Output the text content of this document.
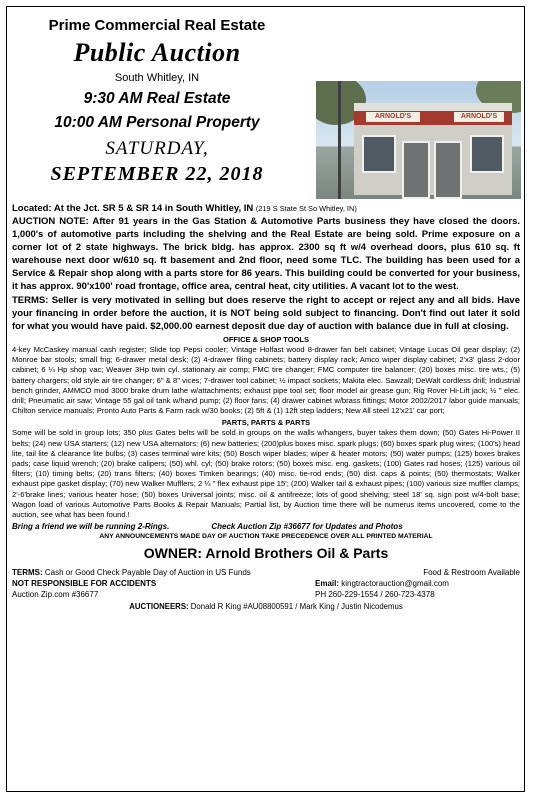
Prime Commercial Real Estate
Public Auction
South Whitley, IN
9:30 AM Real Estate
10:00 AM Personal Property
SATURDAY,
SEPTEMBER 22, 2018
ARNOLD'S	ARNOLD'S

Located: At the Jct. SR 5 & SR 14 in South Whitley, IN (219 S State St So Whitley, IN)

AUCTION NOTE: After 91 years in the Gas Station & Automotive Parts business they have closed the doors. 1,000's of automotive parts including the shelving and the Real Estate are being sold. Prime exposure on a corner lot of 2 state highways. The brick bldg. has approx. 2300 sq ft w/4 overhead doors, plus 610 sq. ft warehouse next door w/610 sq. ft basement and 2nd floor, need some TLC. The building has been used for a Service & Repair shop along with a parts store for 86 years. This building could be converted for your business, it has approx. 90'x100' road frontage, office area, central heat, city utilities. A vacant lot to the west.

TERMS: Seller is very motivated in selling but does reserve the right to accept or reject any and all bids. Have your financing in order before the auction, it is NOT being sold subject to financing. Don't find out later it sold for what you would have paid. $2,000.00 earnest deposit due day of auction with balance due in full at closing.

OFFICE & SHOP TOOLS
4-key McCaskey manual cash register; Slide top Pepsi cooler; Vintage Holfast wood 8-drawer fan belt cabinet; Vintage Lucas Oil gear display; (2) Monroe bar stools; small frig; 6-drawer metal desk; (2) 4-drawer filing cabinets; battery display rack; Amco wiper display cabinet; 2'x3' glass 2-door cabinet; 6 ¼ Hp shop vac; Weaver 3Hp twin cyl. stationary air comp; FMC tire changer; FMC computer tire balancer; (20) boxes misc. tire wts.; (5) battery chargers; old style air tire changer; 6" & 8" vices; 7-drawer tool cabinet; ½ impact sockets; Makita elec. Sawzall; DeWalt cordless drill; Industrial bench grinder, AMMCO mod 3000 brake drum lathe w/attachments; exhaust pipe tool set; floor model air grease gun; Rig Rover Hi-Lift jack; ½ " elec. drill; Pneumatic air saw; Vintage 55 gal oil tank w/hand pump; (2) floor fans; (4) drawer cabinet w/brass fittings; Motor 2002/2017 labor guide manuals; Chilton service manuals; Pronto Auto Parts & Farm rack w/30 books; (2) 5ft & (1) 12ft step ladders; New All steel 12'x21' car port;
PARTS, PARTS & PARTS
Some will be sold in group lots; 350 plus Gates belts will be sold in groups on the walls w/hangers, buyer takes them down; (50) Gates Hi-Power II belts; (24) new USA starters; (12) new USA alternators; (6) new batteries; (200)plus boxes misc. spark plugs; (60) boxes spark plug wires; (100's) head lite, tail lite & clearance lite bulbs; (3) cases terminal wire kits; (50) Bosch wiper blades; wiper & heater motors; (50) water pumps; (125) boxes brakes pads; case liquid wrench; (20) brake calipers; (50) whl. cyl; (50) brake rotors; (50) boxes misc. eng. gaskets; (100) Gates rad hoses; (125) various oil filters; (10) timing belts; (20) trans filters; (40) boxes Timken bearings; (40) misc. tie-rod ends; (50) dist. caps & points; (50) thermostats; Walker exhaust pipe gasket display; (70) new Walker Mufflers; 2 ¼ " flex exhaust pipe 15'; (200) Walker tail & exhaust pipes; (100) various size muffler clamps; 2'-6'brake lines; various heater hose; (50) boxes Universal joints; misc. oil & antifreeze; lots of good shelving; steel 18' sq. sign post w/4-bolt base; Wagon load of various Automotive Parts Books & Repair Manuals; Partial list, by Auction time there will be numerus items uncovered, come to the auction, see what has been found.!
Bring a friend we will be running 2-Rings.	Check Auction Zip #36677 for Updates and Photos
ANY ANNOUNCEMENTS MADE DAY OF AUCTION TAKE PRECEDENCE OVER ALL PRINTED MATERIAL
OWNER: Arnold Brothers Oil & Parts
TERMS: Cash or Good Check Payable Day of Auction in US Funds	Food & Restroom Available
NOT RESPONSIBLE FOR ACCIDENTS	Email: kingtractorauction@gmail.com
Auction Zip.com #36677	PH 260-229-1554 / 260-723-4378
AUCTIONEERS: Donald R King #AU08800591 / Mark King / Justin Nicodemus
